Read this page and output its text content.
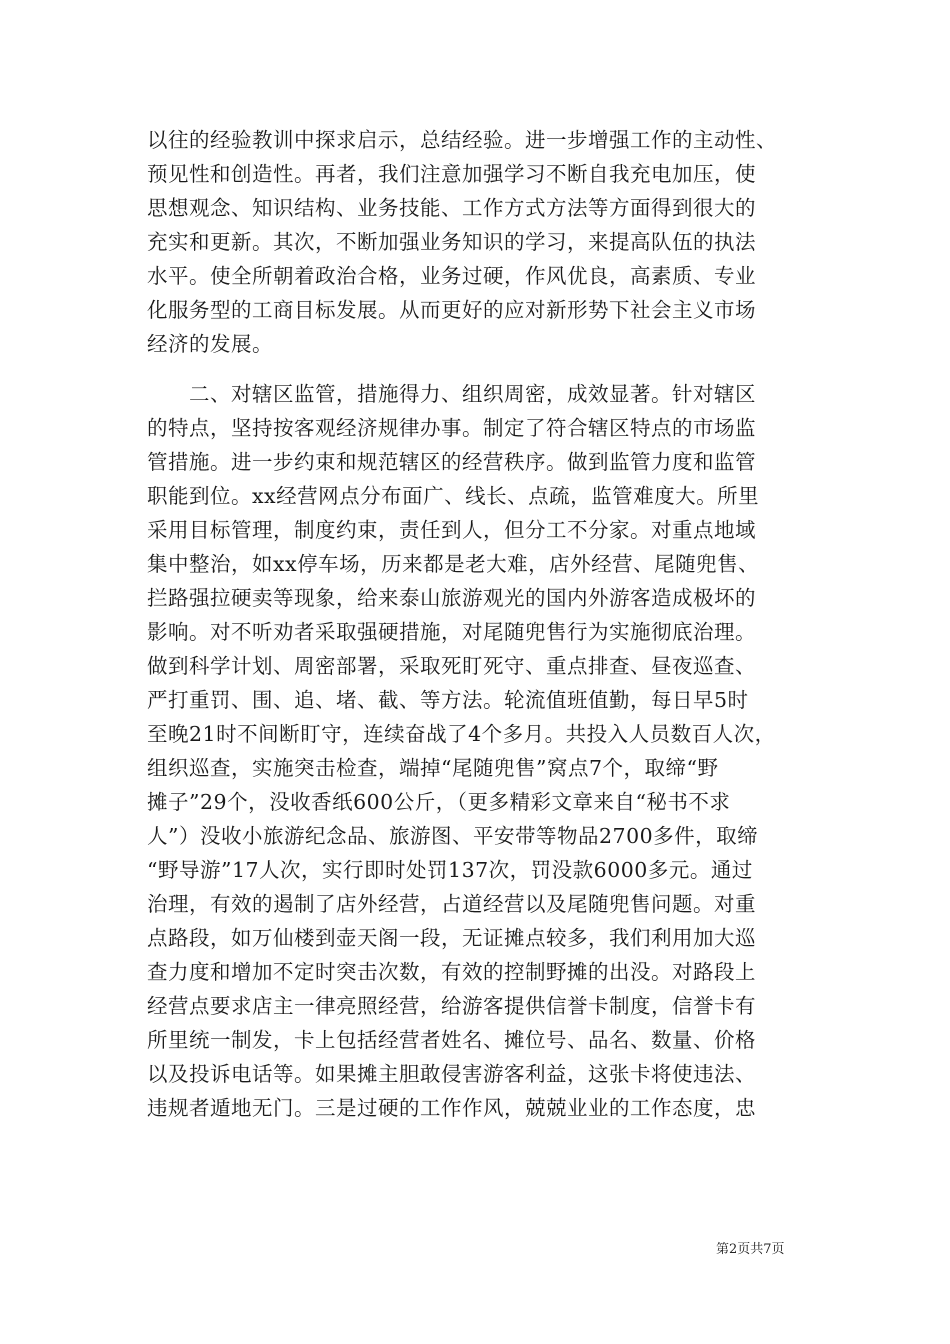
以往的经验教训中探求启示，总结经验。进一步增强工作的主动性、
预见性和创造性。再者，我们注意加强学习不断自我充电加压，使
思想观念、知识结构、业务技能、工作方式方法等方面得到很大的
充实和更新。其次，不断加强业务知识的学习，来提高队伍的执法
水平。使全所朝着政治合格，业务过硬，作风优良，高素质、专业
化服务型的工商目标发展。从而更好的应对新形势下社会主义市场
经济的发展。
　　二、对辖区监管，措施得力、组织周密，成效显著。针对辖区
的特点，坚持按客观经济规律办事。制定了符合辖区特点的市场监
管措施。进一步约束和规范辖区的经营秩序。做到监管力度和监管
职能到位。xx经营网点分布面广、线长、点疏，监管难度大。所里
采用目标管理，制度约束，责任到人，但分工不分家。对重点地域
集中整治，如xx停车场，历来都是老大难，店外经营、尾随兜售、
拦路强拉硬卖等现象，给来泰山旅游观光的国内外游客造成极坏的
影响。对不听劝者采取强硬措施，对尾随兜售行为实施彻底治理。
做到科学计划、周密部署，采取死盯死守、重点排查、昼夜巡查、
严打重罚、围、追、堵、截、等方法。轮流值班值勤，每日早5时
至晚21时不间断盯守，连续奋战了4个多月。共投入人员数百人次，
组织巡查，实施突击检查，端掉“尾随兜售”窝点7个，取缔“野
摊子”29个，没收香纸600公斤，（更多精彩文章来自“秘书不求
人”）没收小旅游纪念品、旅游图、平安带等物品2700多件，取缔
“野导游”17人次，实行即时处罚137次，罚没款6000多元。通过
治理，有效的遏制了店外经营，占道经营以及尾随兜售问题。对重
点路段，如万仙楼到壶天阁一段，无证摊点较多，我们利用加大巡
查力度和增加不定时突击次数，有效的控制野摊的出没。对路段上
经营点要求店主一律亮照经营，给游客提供信誉卡制度，信誉卡有
所里统一制发，卡上包括经营者姓名、摊位号、品名、数量、价格
以及投诉电话等。如果摊主胆敢侵害游客利益，这张卡将使违法、
违规者遁地无门。三是过硬的工作作风，兢兢业业的工作态度，忠
第2页共7页
